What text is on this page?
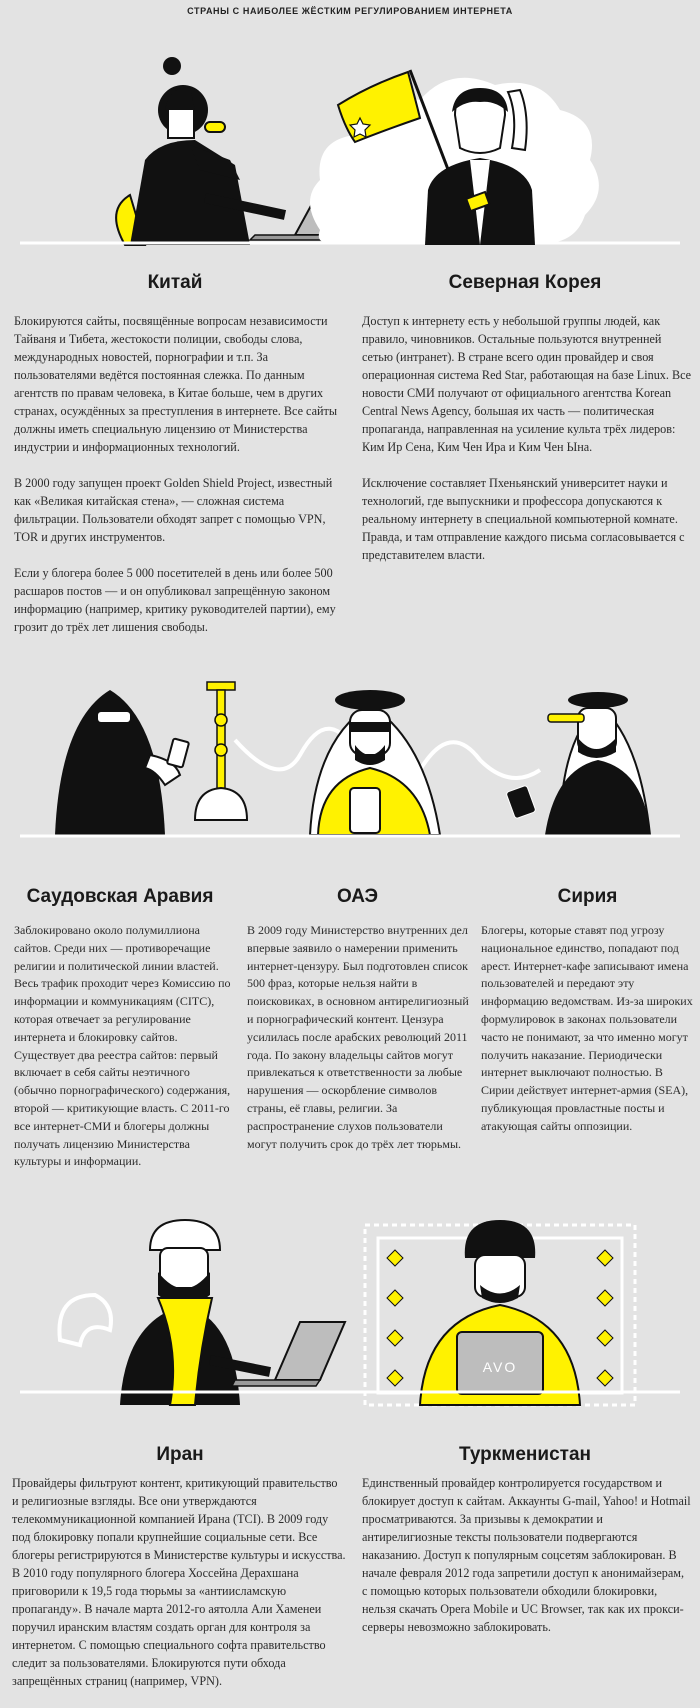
СТРАНЫ С НАИБОЛЕЕ ЖЁСТКИМ РЕГУЛИРОВАНИЕМ ИНТЕРНЕТА
Китай	Северная Корея

Блокируются сайты, посвящённые вопросам независимости Тайваня и Тибета, жестокости полиции, свободы слова, международных новостей, порнографии и т.п. За пользователями ведётся постоянная слежка. По данным агентств по правам человека, в Китае больше, чем в других странах, осуждённых за преступления в интернете. Все сайты должны иметь специальную лицензию от Министерства индустрии и информационных технологий.

В 2000 году запущен проект Golden Shield Project, известный как «Великая китайская стена», — сложная система фильтрации. Пользователи обходят запрет с помощью VPN, TOR и других инструментов.

Если у блогера более 5 000 посетителей в день или более 500 расшаров постов — и он опубликовал запрещённую законом информацию (например, критику руководителей партии), ему грозит до трёх лет лишения свободы.

Доступ к интернету есть у небольшой группы людей, как правило, чиновников. Остальные пользуются внутренней сетью (интранет). В стране всего один провайдер и своя операционная система Red Star, работающая на базе Linux. Все новости СМИ получают от официального агентства Korean Central News Agency, большая их часть — политическая пропаганда, направленная на усиление культа трёх лидеров: Ким Ир Сена, Ким Чен Ира и Ким Чен Ына.

Исключение составляет Пхеньянский университет науки и технологий, где выпускники и профессора допускаются к реальному интернету в специальной компьютерной комнате. Правда, и там отправление каждого письма согласовывается с представителем власти.

Саудовская Аравия	ОАЭ	Сирия

Заблокировано около полумиллиона сайтов. Среди них — противоречащие религии и политической линии властей. Весь трафик проходит через Комиссию по информации и коммуникациям (CITC), которая отвечает за регулирование интернета и блокировку сайтов. Существует два реестра сайтов: первый включает в себя сайты неэтичного (обычно порнографического) содержания, второй — критикующие власть. С 2011-го все интернет-СМИ и блогеры должны получать лицензию Министерства культуры и информации.

В 2009 году Министерство внутренних дел впервые заявило о намерении применить интернет-цензуру. Был подготовлен список 500 фраз, которые нельзя найти в поисковиках, в основном антирелигиозный и порнографический контент. Цензура усилилась после арабских революций 2011 года. По закону владельцы сайтов могут привлекаться к ответственности за любые нарушения — оскорбление символов страны, её главы, религии. За распространение слухов пользователи могут получить срок до трёх лет тюрьмы.

Блогеры, которые ставят под угрозу национальное единство, попадают под арест. Интернет-кафе записывают имена пользователей и передают эту информацию ведомствам. Из-за широких формулировок в законах пользователи часто не понимают, за что именно могут получить наказание. Периодически интернет выключают полностью. В Сирии действует интернет-армия (SEA), публикующая провластные посты и атакующая сайты оппозиции.

AVO
Иран	Туркменистан

Провайдеры фильтруют контент, критикующий правительство и религиозные взгляды. Все они утверждаются телекоммуникационной компанией Ирана (TCI). В 2009 году под блокировку попали крупнейшие социальные сети. Все блогеры регистрируются в Министерстве культуры и искусства. В 2010 году популярного блогера Хоссейна Дерахшана приговорили к 19,5 года тюрьмы за «антиисламскую пропаганду». В начале марта 2012-го аятолла Али Хаменеи поручил иранским властям создать орган для контроля за интернетом. С помощью специального софта правительство следит за пользователями. Блокируются пути обхода запрещённых страниц (например, VPN).

Единственный провайдер контролируется государством и блокирует доступ к сайтам. Аккаунты G-mail, Yahoo! и Hotmail просматриваются. За призывы к демократии и антирелигиозные тексты пользователи подвергаются наказанию. Доступ к популярным соцсетям заблокирован. В начале февраля 2012 года запретили доступ к анонимайзерам, с помощью которых пользователи обходили блокировки, нельзя скачать Opera Mobile и UC Browser, так как их прокси-серверы невозможно заблокировать.
